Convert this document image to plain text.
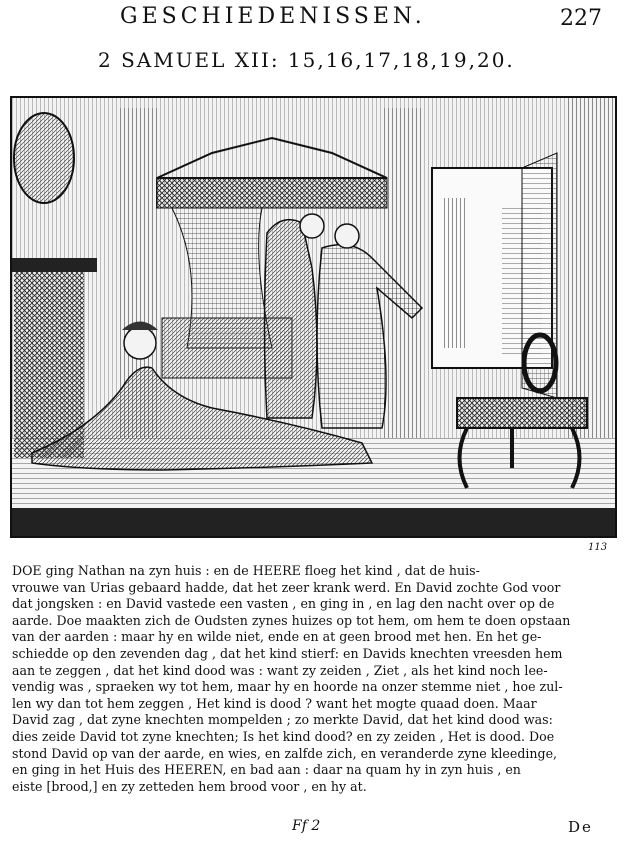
GESCHIEDENISSEN.	227
2 SAMUEL XII: 15,16,17,18,19,20.
113
DOE ging Nathan na zyn huis : en de HEERE floeg het kind , dat de huis-
vrouwe van Urias gebaard hadde, dat het zeer krank werd. En David zochte God voor
dat jongsken : en David vastede een vasten , en ging in , en lag den nacht over op de
aarde. Doe maakten zich de Oudsten zynes huizes op tot hem, om hem te doen opstaan
van der aarden : maar hy en wilde niet, ende en at geen brood met hen. En het ge-
schiedde op den zevenden dag , dat het kind stierf: en Davids knechten vreesden hem
aan te zeggen , dat het kind dood was : want zy zeiden , Ziet , als het kind noch lee-
vendig was , spraeken wy tot hem, maar hy en hoorde na onzer stemme niet , hoe zul-
len wy dan tot hem zeggen , Het kind is dood ? want het mogte quaad doen. Maar
David zag , dat zyne knechten mompelden ; zo merkte David, dat het kind dood was:
dies zeide David tot zyne knechten; Is het kind dood? en zy zeiden , Het is dood. Doe
stond David op van der aarde, en wies, en zalfde zich, en veranderde zyne kleedinge,
en ging in het Huis des HEEREN, en bad aan : daar na quam hy in zyn huis , en
eiste [brood,] en zy zetteden hem brood voor , en hy at.
Ff 2	De
